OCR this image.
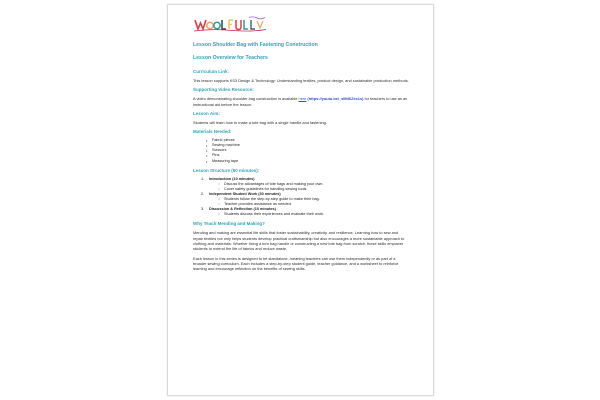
Lesson Shoulder Bag with Fastening Construction
Lesson Overview for Teachers
Curriculum Link:

This lesson supports KS3 Design & Technology: Understanding textiles, product design, and sustainable production methods.

Supporting Video Resource:

A video demonstrating shoulder bag construction is available here (https://youtu.be/_sMtl6Zes1s) for teachers to use as an instructional aid before the lesson.

Lesson Aim:

Students will learn how to make a tote bag with a single handle and fastening.

Materials Needed:
• Fabric pieces
• Sewing machine
• Scissors
• Pins
• Measuring tape
Lesson Structure (50 minutes):
1. Introduction (10 minutes)
○ Discuss the advantages of tote bags and making your own.
○ Cover safety guidelines for handling sewing tools.
2. Independent Student Work (30 minutes)
○ Students follow the step-by-step guide to make their bag.
○ Teacher provides assistance as needed.
3. Discussion & Reflection (10 minutes)
○ Students discuss their experiences and evaluate their work.
Why Teach Mending and Making?

Mending and making are essential life skills that foster sustainability, creativity, and resilience. Learning how to sew and repair textiles not only helps students develop practical craftsmanship but also encourages a more sustainable approach to clothing and materials. Whether fixing a torn bag handle or constructing a new tote bag from scratch, these skills empower students to extend the life of fabrics and reduce waste.

Each lesson in this series is designed to be standalone, meaning teachers can use them independently or as part of a broader sewing curriculum. Each includes a step-by-step student guide, teacher guidance, and a worksheet to reinforce learning and encourage reflection on the benefits of sewing skills.
